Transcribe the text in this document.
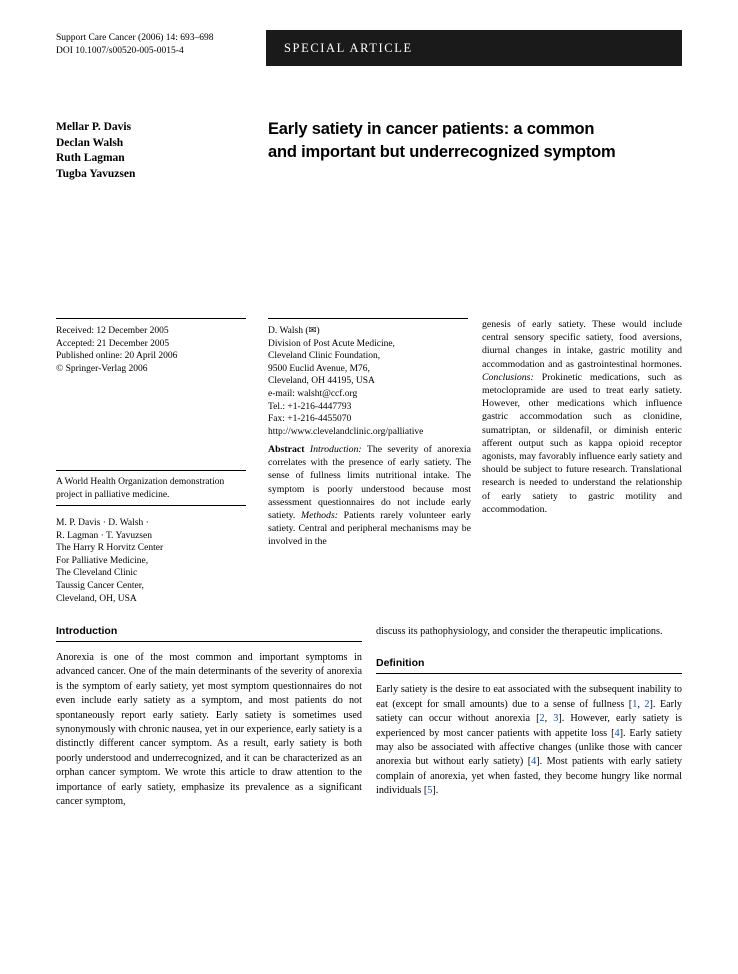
Support Care Cancer (2006) 14: 693–698
DOI 10.1007/s00520-005-0015-4	SPECIAL ARTICLE
Mellar P. Davis
Declan Walsh
Ruth Lagman
Tugba Yavuzsen
Early satiety in cancer patients: a common
and important but underrecognized symptom
Received: 12 December 2005
Accepted: 21 December 2005
Published online: 20 April 2006
© Springer-Verlag 2006
A World Health Organization demonstration project in palliative medicine.
M. P. Davis · D. Walsh ·
R. Lagman · T. Yavuzsen
The Harry R Horvitz Center
For Palliative Medicine,
The Cleveland Clinic
Taussig Cancer Center,
Cleveland, OH, USA
D. Walsh (✉)
Division of Post Acute Medicine,
Cleveland Clinic Foundation,
9500 Euclid Avenue, M76,
Cleveland, OH 44195, USA
e-mail: walsht@ccf.org
Tel.: +1-216-4447793
Fax: +1-216-4455070
http://www.clevelandclinic.org/palliative
Abstract Introduction: The severity of anorexia correlates with the presence of early satiety. The sense of fullness limits nutritional intake. The symptom is poorly understood because most assessment questionnaires do not include early satiety. Methods: Patients rarely volunteer early satiety. Central and peripheral mechanisms may be involved in the
genesis of early satiety. These would include central sensory specific satiety, food aversions, diurnal changes in intake, gastric motility and accommodation and as gastrointestinal hormones. Conclusions: Prokinetic medications, such as metoclopramide are used to treat early satiety. However, other medications which influence gastric accommodation such as clonidine, sumatriptan, or sildenafil, or diminish enteric afferent output such as kappa opioid receptor agonists, may favorably influence early satiety and should be subject to future research. Translational research is needed to understand the relationship of early satiety to gastric motility and accommodation.
Introduction

Anorexia is one of the most common and important symptoms in advanced cancer. One of the main determinants of the severity of anorexia is the symptom of early satiety, yet most symptom questionnaires do not even include early satiety as a symptom, and most patients do not spontaneously report early satiety. Early satiety is sometimes used synonymously with chronic nausea, yet in our experience, early satiety is a distinctly different cancer symptom. As a result, early satiety is both poorly understood and underrecognized, and it can be characterized as an orphan cancer symptom. We wrote this article to draw attention to the importance of early satiety, emphasize its prevalence as a significant cancer symptom,

discuss its pathophysiology, and consider the therapeutic implications.

Definition

Early satiety is the desire to eat associated with the subsequent inability to eat (except for small amounts) due to a sense of fullness [1, 2]. Early satiety can occur without anorexia [2, 3]. However, early satiety is experienced by most cancer patients with appetite loss [4]. Early satiety may also be associated with affective changes (unlike those with cancer anorexia but without early satiety) [4]. Most patients with early satiety complain of anorexia, yet when fasted, they become hungry like normal individuals [5].
